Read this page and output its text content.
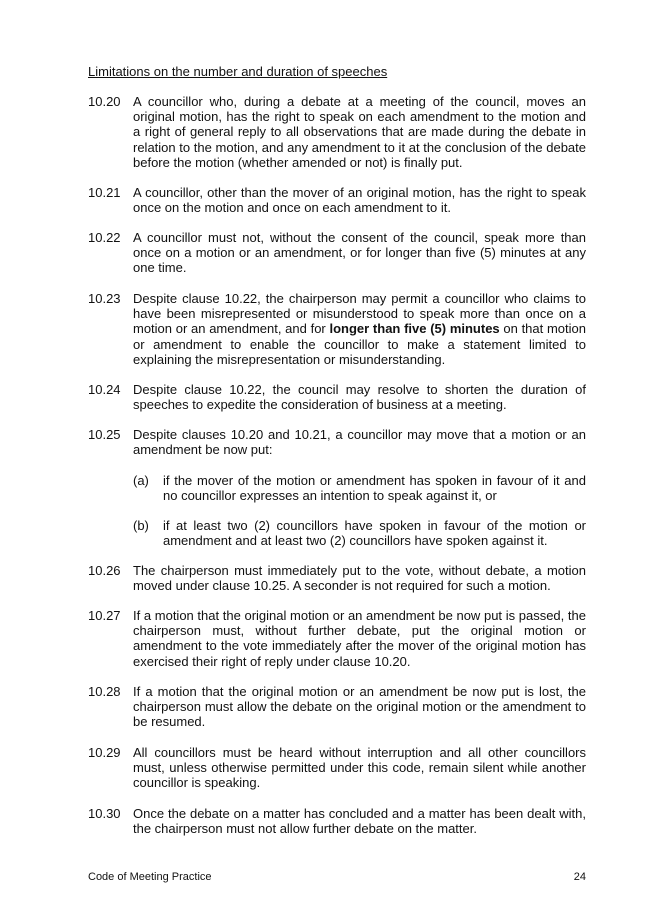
Limitations on the number and duration of speeches
10.20 A councillor who, during a debate at a meeting of the council, moves an original motion, has the right to speak on each amendment to the motion and a right of general reply to all observations that are made during the debate in relation to the motion, and any amendment to it at the conclusion of the debate before the motion (whether amended or not) is finally put.
10.21 A councillor, other than the mover of an original motion, has the right to speak once on the motion and once on each amendment to it.
10.22 A councillor must not, without the consent of the council, speak more than once on a motion or an amendment, or for longer than five (5) minutes at any one time.
10.23 Despite clause 10.22, the chairperson may permit a councillor who claims to have been misrepresented or misunderstood to speak more than once on a motion or an amendment, and for longer than five (5) minutes on that motion or amendment to enable the councillor to make a statement limited to explaining the misrepresentation or misunderstanding.
10.24 Despite clause 10.22, the council may resolve to shorten the duration of speeches to expedite the consideration of business at a meeting.
10.25 Despite clauses 10.20 and 10.21, a councillor may move that a motion or an amendment be now put:
(a)	if the mover of the motion or amendment has spoken in favour of it and no councillor expresses an intention to speak against it, or
(b)	if at least two (2) councillors have spoken in favour of the motion or amendment and at least two (2) councillors have spoken against it.
10.26 The chairperson must immediately put to the vote, without debate, a motion moved under clause 10.25. A seconder is not required for such a motion.
10.27 If a motion that the original motion or an amendment be now put is passed, the chairperson must, without further debate, put the original motion or amendment to the vote immediately after the mover of the original motion has exercised their right of reply under clause 10.20.
10.28 If a motion that the original motion or an amendment be now put is lost, the chairperson must allow the debate on the original motion or the amendment to be resumed.
10.29 All councillors must be heard without interruption and all other councillors must, unless otherwise permitted under this code, remain silent while another councillor is speaking.
10.30 Once the debate on a matter has concluded and a matter has been dealt with, the chairperson must not allow further debate on the matter.
Code of Meeting Practice	24
